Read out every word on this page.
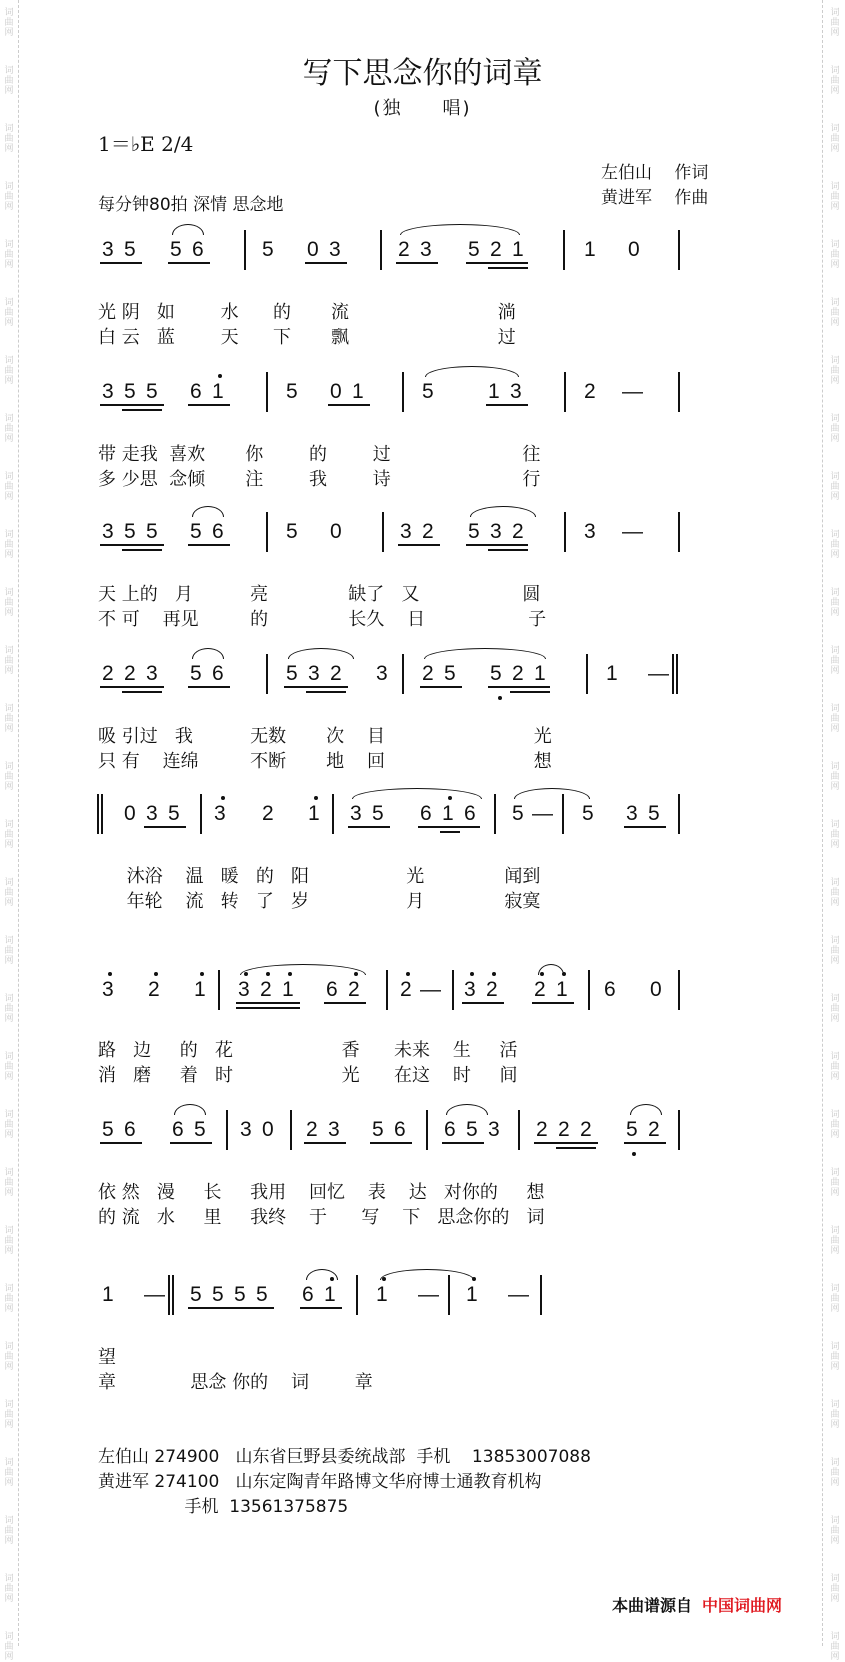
词
曲
网
词
曲
网
词
曲
网
词
曲
网
词
曲
网
词
曲
网
词
曲
网
词
曲
网
词
曲
网
词
曲
网
词
曲
网
词
曲
网
词
曲
网
词
曲
网
词
曲
网
词
曲
网
词
曲
网
词
曲
网
词
曲
网
词
曲
网
词
曲
网
词
曲
网
词
曲
网
词
曲
网
词
曲
网
词
曲
网
词
曲
网
词
曲
网
词
曲
网
词
曲
网
词
曲
网
词
曲
网
词
曲
网
词
曲
网
词
曲
网
词
曲
网
词
曲
网
词
曲
网
词
曲
网
词
曲
网
词
曲
网
词
曲
网
词
曲
网
词
曲
网
词
曲
网
词
曲
网
词
曲
网
词
曲
网
词
曲
网
词
曲
网
词
曲
网
词
曲
网
词
曲
网
词
曲
网
词
曲
网
词
曲
网
词
曲
网
词
曲
网
写下思念你的词章
(独　　唱)
1＝♭E 2/4
左伯山　 作词
黄进军　 作曲
每分钟80拍 深情 思念地
3 5 5 6	5 0 3	2 3 5 2 1	1 0
3 5 5 6 1	5 0 1	5	1 3	2 —
3 5 5 5 6	5 0	3 2 5 3 2	3 —
2 2 3 5 6	5 3 2 3 2 5 5 2 1	1 —
0 3 5 3 2 1 3 5 6 1 6 5 — 5 3 5
3 2 1 3 2 1 6 2 2 — 3 2 2 1 6 0
5 6 6 5 3 0 2 3 5 6 6 5 3 2 2 2 5 2
1 — 5 5 5 5 6 1 1 — 1 —
光 阴   如        水      的       流                          淌
白 云   蓝        天      下       飘                          过
带 走我  喜欢       你        的        过                       往
多 少思  念倾       注        我        诗                       行
天 上的   月          亮              缺了   又                  圆
不 可    再见         的              长久    日                  子
吸 引过   我          无数       次    目                          光
只 有    连绵         不断       地    回                          想
沐浴    温   暖   的   阳                 光              闻到
年轮    流   转   了   岁                 月              寂寞
路   边     的   花                   香      未来    生     活
消   磨     着   时                   光      在这    时     间
依 然   漫     长     我用    回忆    表    达   对你的     想
的 流   水     里     我终    于      写    下   思念你的   词
望
章             思念 你的    词        章
左伯山 274900   山东省巨野县委统战部  手机    13853007088
黄进军 274100   山东定陶青年路博文华府博士通教育机构
手机  13561375875
本曲谱源自 中国词曲网
